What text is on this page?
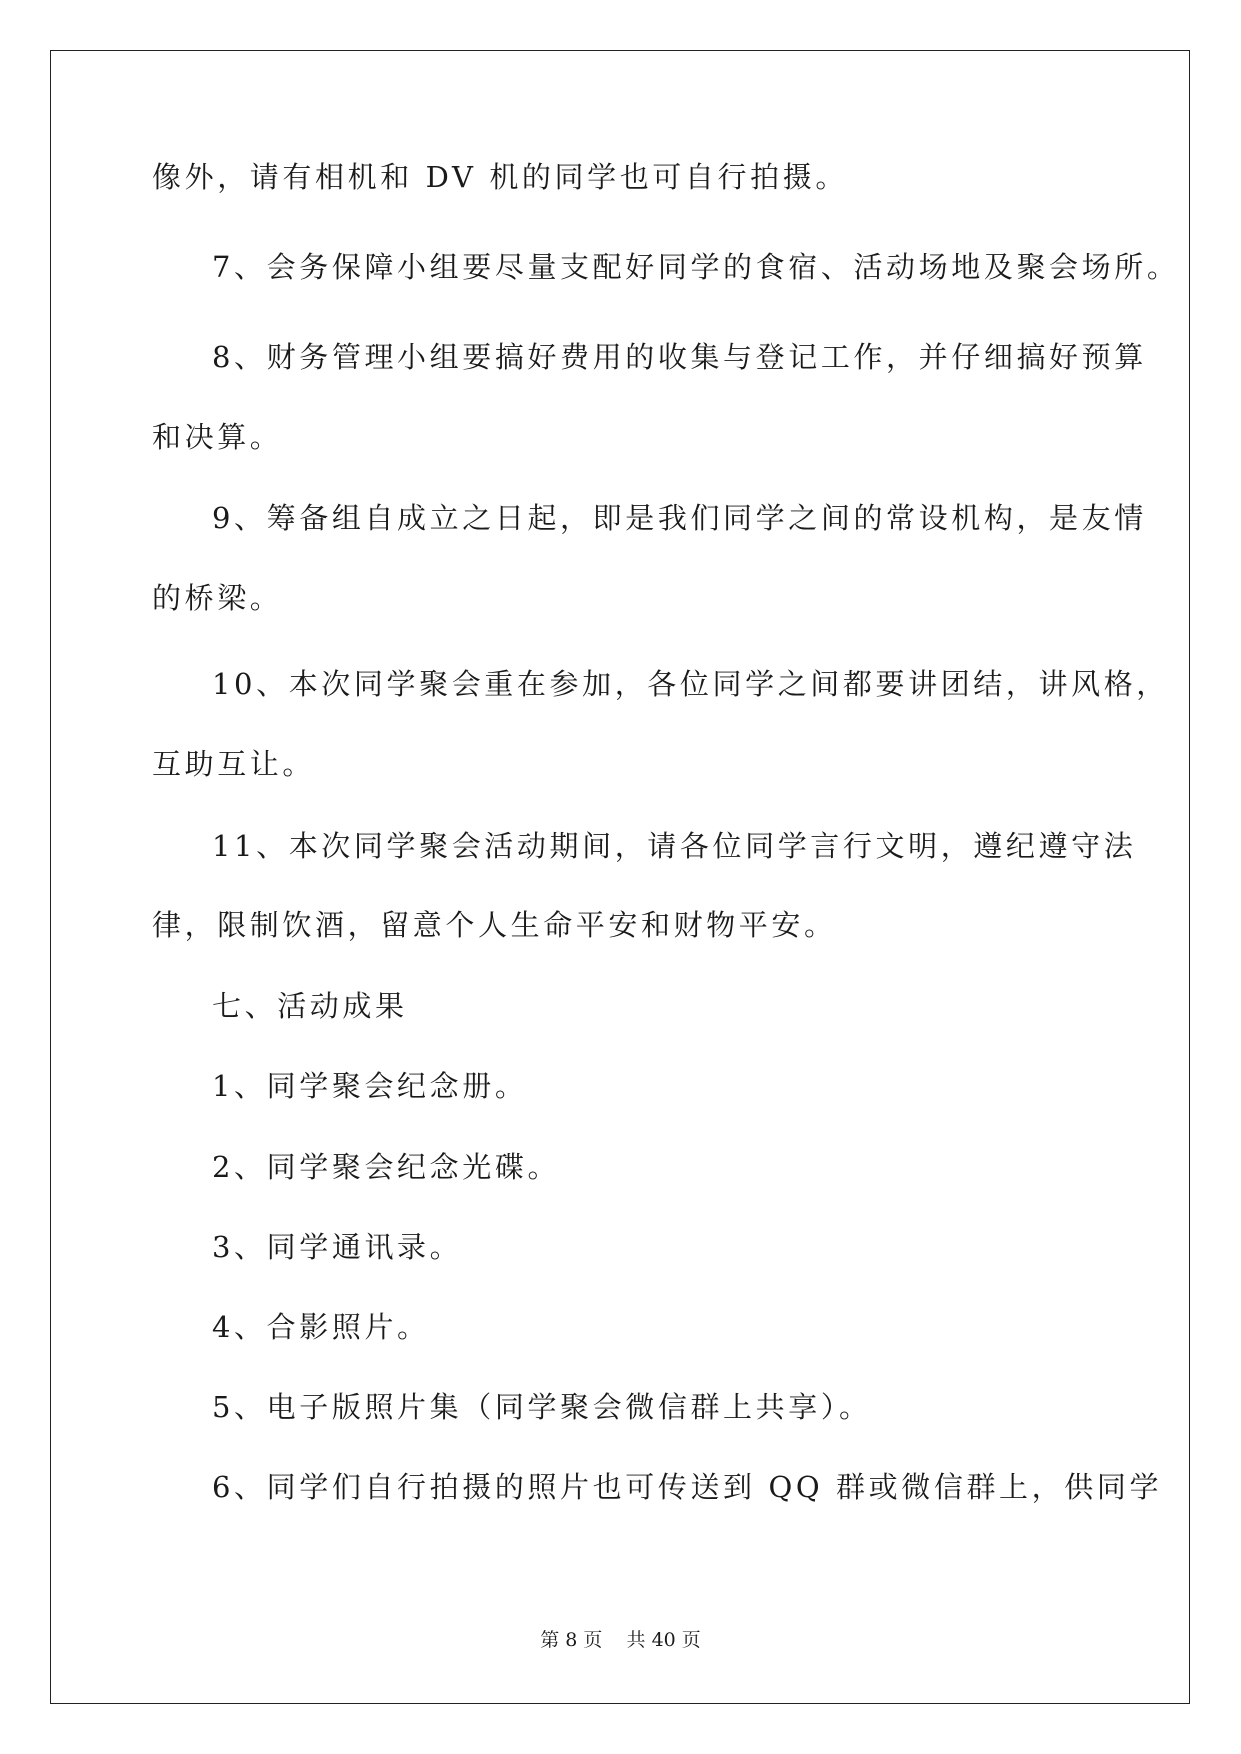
像外，请有相机和 DV 机的同学也可自行拍摄。
7、会务保障小组要尽量支配好同学的食宿、活动场地及聚会场所。
8、财务管理小组要搞好费用的收集与登记工作，并仔细搞好预算
和决算。
9、筹备组自成立之日起，即是我们同学之间的常设机构，是友情
的桥梁。
10、本次同学聚会重在参加，各位同学之间都要讲团结，讲风格，
互助互让。
11、本次同学聚会活动期间，请各位同学言行文明，遵纪遵守法
律，限制饮酒，留意个人生命平安和财物平安。
七、活动成果
1、同学聚会纪念册。
2、同学聚会纪念光碟。
3、同学通讯录。
4、合影照片。
5、电子版照片集（同学聚会微信群上共享）。
6、同学们自行拍摄的照片也可传送到 QQ 群或微信群上，供同学
第 8 页    共 40 页
